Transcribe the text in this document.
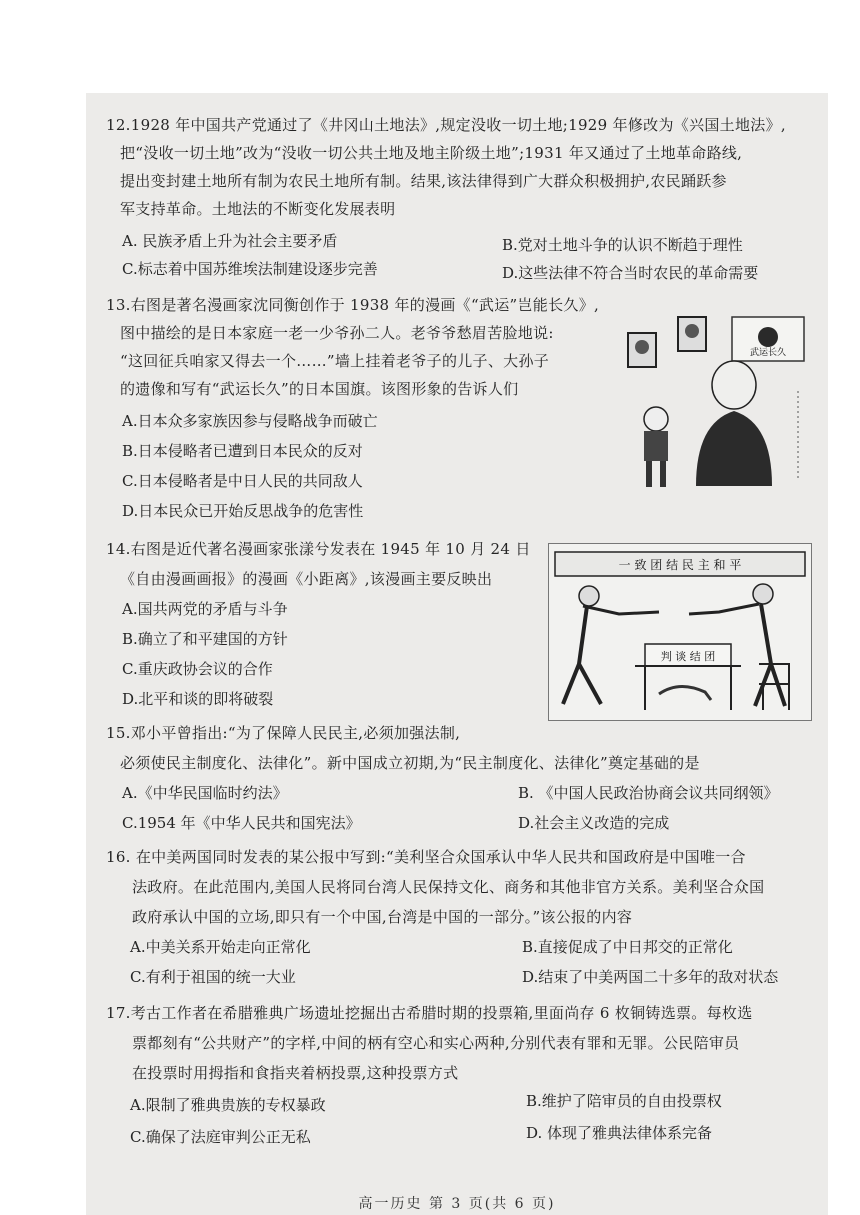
12.1928 年中国共产党通过了《井冈山土地法》,规定没收一切土地;1929 年修改为《兴国土地法》,
把“没收一切土地”改为“没收一切公共土地及地主阶级土地”;1931 年又通过了土地革命路线,
提出变封建土地所有制为农民土地所有制。结果,该法律得到广大群众积极拥护,农民踊跃参
军支持革命。土地法的不断变化发展表明
A. 民族矛盾上升为社会主要矛盾	B.党对土地斗争的认识不断趋于理性
C.标志着中国苏维埃法制建设逐步完善	D.这些法律不符合当时农民的革命需要
13.右图是著名漫画家沈同衡创作于 1938 年的漫画《“武运”岂能长久》,
图中描绘的是日本家庭一老一少爷孙二人。老爷爷愁眉苦脸地说:
“这回征兵咱家又得去一个……”墙上挂着老爷子的儿子、大孙子
的遗像和写有“武运长久”的日本国旗。该图形象的告诉人们
A.日本众多家族因参与侵略战争而破亡
B.日本侵略者已遭到日本民众的反对
C.日本侵略者是中日人民的共同敌人
D.日本民众已开始反思战争的危害性
武运长久
14.右图是近代著名漫画家张漾兮发表在 1945 年 10 月 24 日
《自由漫画画报》的漫画《小距离》,该漫画主要反映出
A.国共两党的矛盾与斗争
B.确立了和平建国的方针
C.重庆政协会议的合作
D.北平和谈的即将破裂
一 致 团 结 民 主 和 平
判 谈 结 团
15.邓小平曾指出:“为了保障人民民主,必须加强法制,
必须使民主制度化、法律化”。新中国成立初期,为“民主制度化、法律化”奠定基础的是
A.《中华民国临时约法》	B. 《中国人民政治协商会议共同纲领》
C.1954 年《中华人民共和国宪法》	D.社会主义改造的完成
16. 在中美两国同时发表的某公报中写到:“美利坚合众国承认中华人民共和国政府是中国唯一合
法政府。在此范围内,美国人民将同台湾人民保持文化、商务和其他非官方关系。美利坚合众国
政府承认中国的立场,即只有一个中国,台湾是中国的一部分。”该公报的内容
A.中美关系开始走向正常化	B.直接促成了中日邦交的正常化
C.有利于祖国的统一大业	D.结束了中美两国二十多年的敌对状态
17.考古工作者在希腊雅典广场遗址挖掘出古希腊时期的投票箱,里面尚存 6 枚铜铸选票。每枚选
票都刻有“公共财产”的字样,中间的柄有空心和实心两种,分别代表有罪和无罪。公民陪审员
在投票时用拇指和食指夹着柄投票,这种投票方式
A.限制了雅典贵族的专权暴政	B.维护了陪审员的自由投票权
C.确保了法庭审判公正无私	D. 体现了雅典法律体系完备
高一历史 第 3 页(共 6 页)
